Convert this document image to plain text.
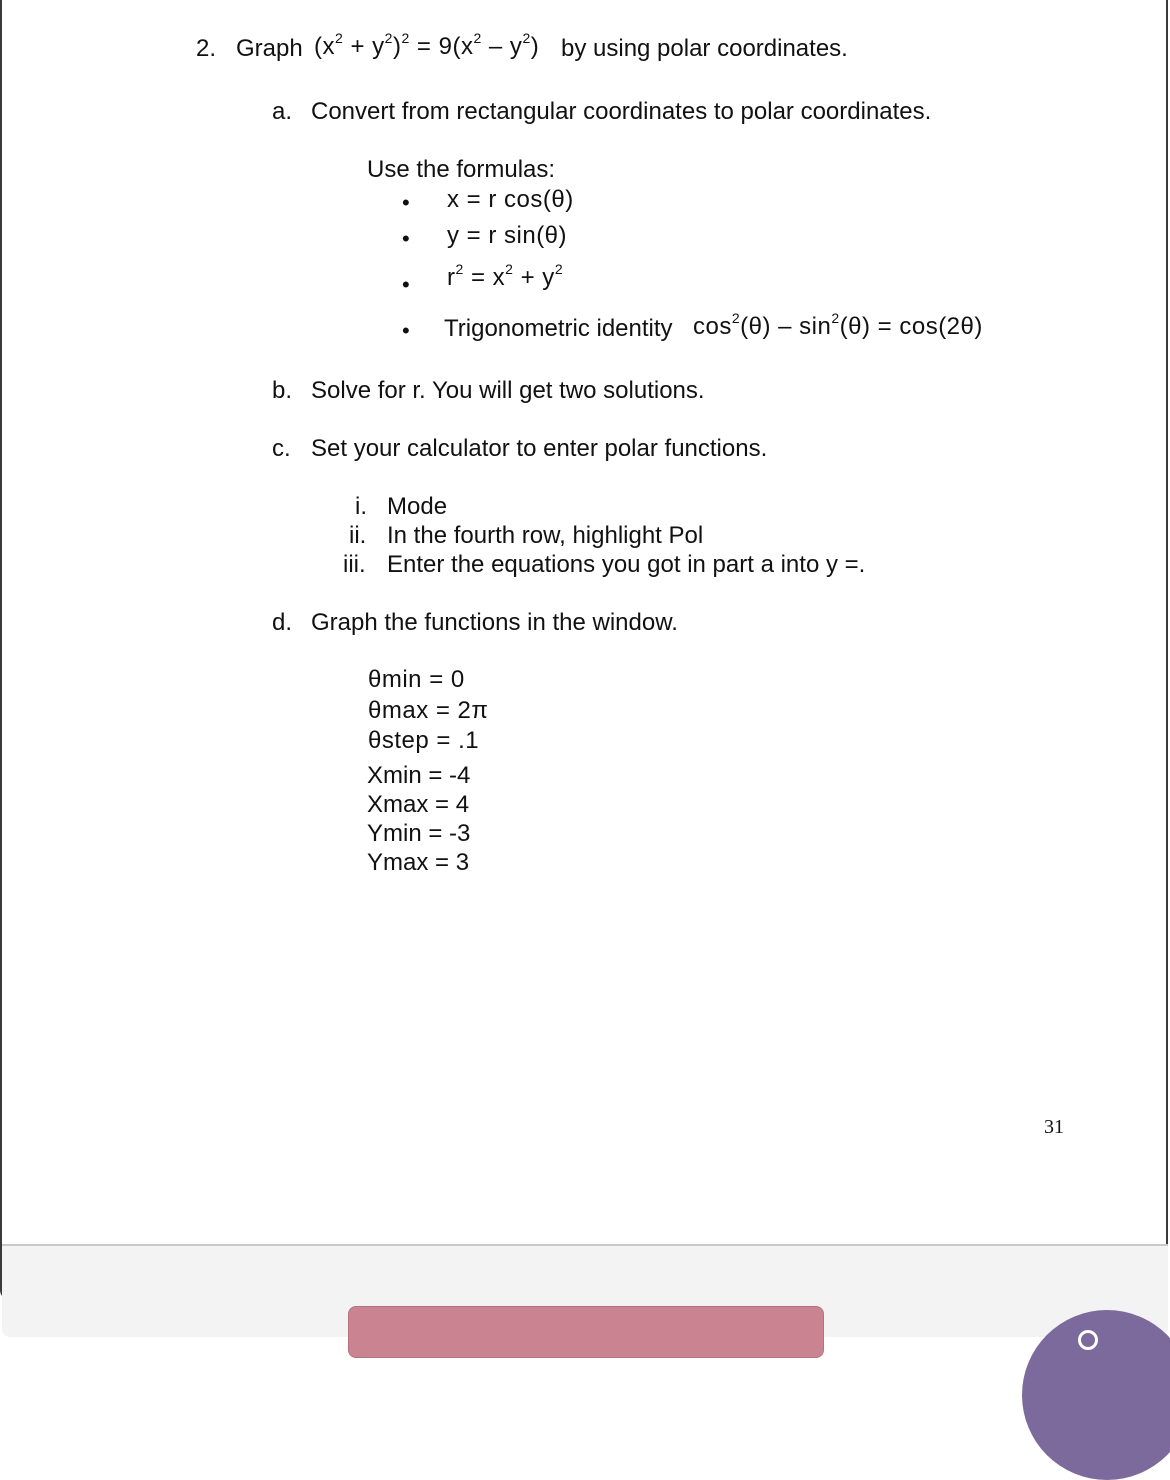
2. Graph $(x^2 + y^2)^2 = 9(x^2 - y^2)$ by using polar coordinates.
a. Convert from rectangular coordinates to polar coordinates.
Use the formulas:
• x = r cos(θ)
• y = r sin(θ)
• $r^2 = x^2 + y^2$
• Trigonometric identity $\cos^2(\theta) - \sin^2(\theta) = \cos(2\theta)$
b. Solve for r. You will get two solutions.
c. Set your calculator to enter polar functions.
i. Mode
ii. In the fourth row, highlight Pol
iii. Enter the equations you got in part a into y =.
d. Graph the functions in the window.
θmin = 0
θmax = 2π
θstep = .1
Xmin = -4
Xmax = 4
Ymin = -3
Ymax = 3
31
